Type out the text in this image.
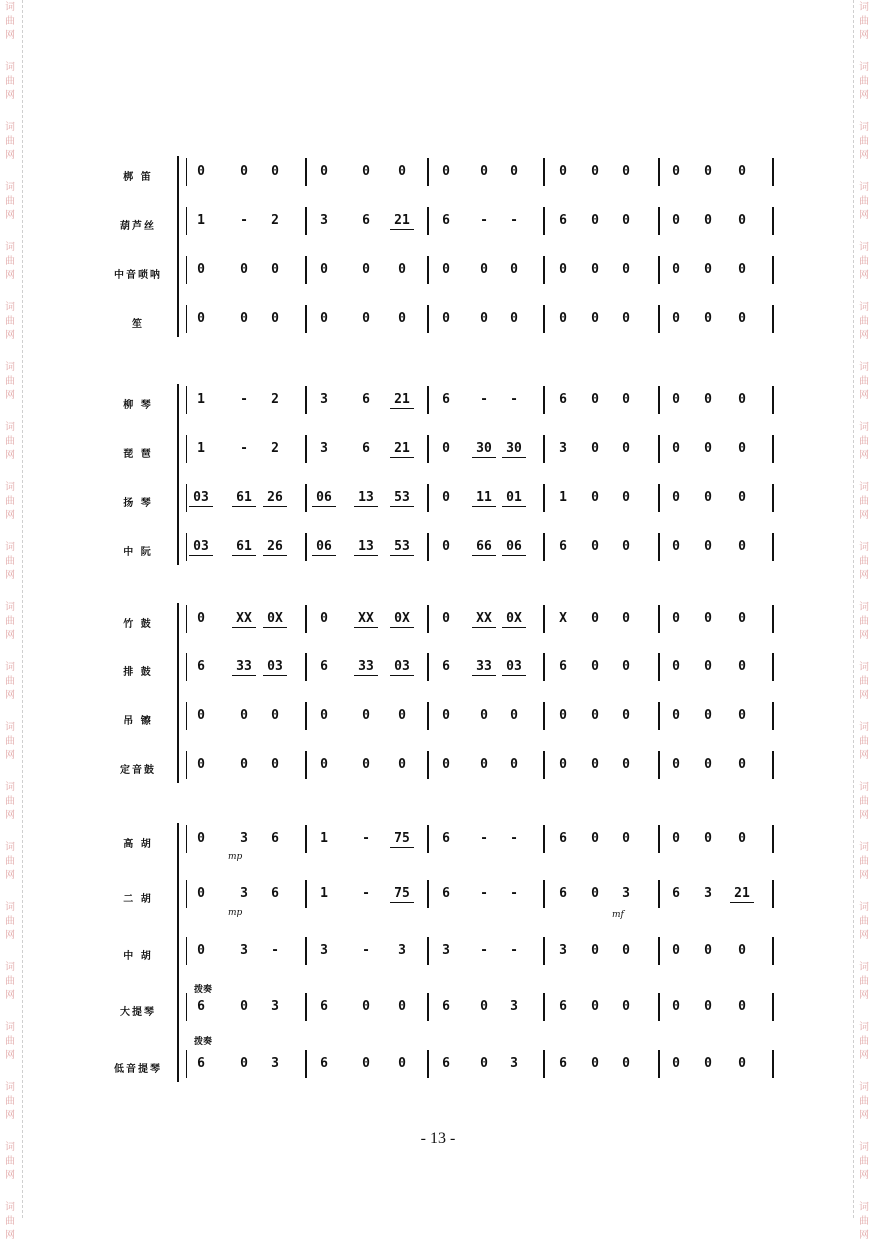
词
曲
网
词
曲
网
词
曲
网
词
曲
网
词
曲
网
词
曲
网
词
曲
网
词
曲
网
词
曲
网
词
曲
网
词
曲
网
词
曲
网
词
曲
网
词
曲
网
词
曲
网
词
曲
网
词
曲
网
词
曲
网
词
曲
网
词
曲
网
词
曲
网
词
曲
网
词
曲
网
词
曲
网
词
曲
网
词
曲
网
词
曲
网
词
曲
网
词
曲
网
词
曲
网
词
曲
网
词
曲
网
词
曲
网
词
曲
网
词
曲
网
词
曲
网
词
曲
网
词
曲
网
词
曲
网
词
曲
网
词
曲
网
词
曲
网
梆 笛	0	0	0	0	0	0	0	0	0	0	0	0	0	0	0
葫芦丝	1	-	2	3	6	21	6	-	-	6	0	0	0	0	0
中音唢呐	0	0	0	0	0	0	0	0	0	0	0	0	0	0	0
笙	0	0	0	0	0	0	0	0	0	0	0	0	0	0	0
柳 琴	1	-	2	3	6	21	6	-	-	6	0	0	0	0	0
琵 琶	1	-	2	3	6	21	0	30	30	3	0	0	0	0	0
扬 琴	03	61	26	06	13	53	0	11	01	1	0	0	0	0	0
中 阮	03	61	26	06	13	53	0	66	06	6	0	0	0	0	0
竹 鼓	0	XX	0X	0	XX	0X	0	XX	0X	X	0	0	0	0	0
排 鼓	6	33	03	6	33	03	6	33	03	6	0	0	0	0	0
吊 镲	0	0	0	0	0	0	0	0	0	0	0	0	0	0	0
定音鼓	0	0	0	0	0	0	0	0	0	0	0	0	0	0	0
高 胡	0	3	6	1	-	75	6	-	-	6	0	0	0	0	0
二 胡	0	3	6	1	-	75	6	-	-	6	0	3	6	3	21
中 胡	0	3	-	3	-	3	3	-	-	3	0	0	0	0	0
大提琴	6	0	3	6	0	0	6	0	3	6	0	0	0	0	0
低音提琴	6	0	3	6	0	0	6	0	3	6	0	0	0	0	0
mp
mp	mf
拨奏
拨奏
- 13 -
